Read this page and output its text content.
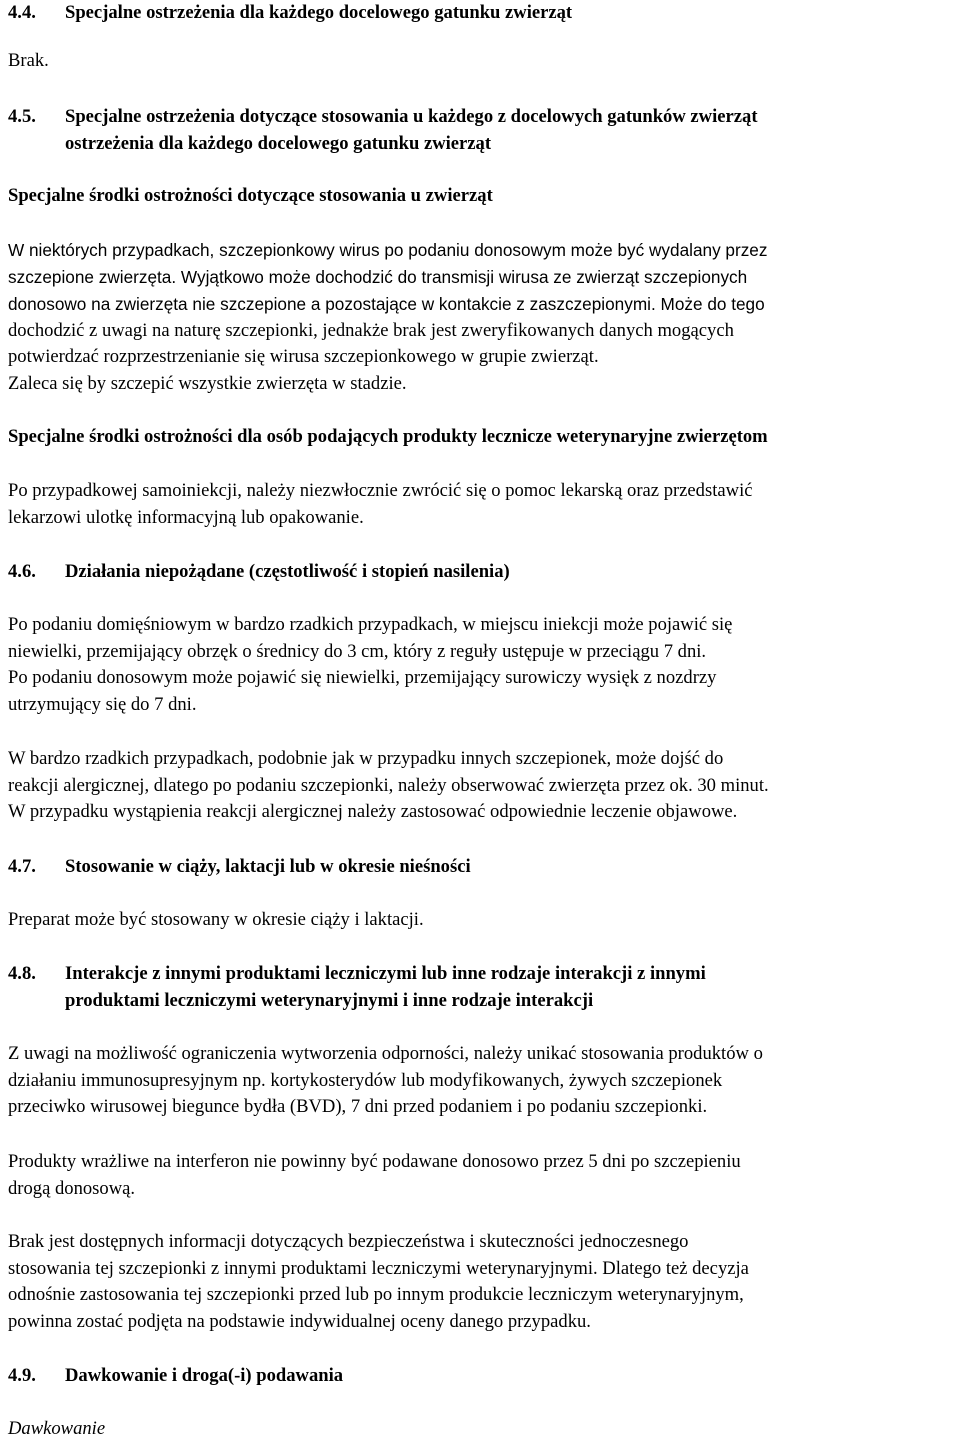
4.4. Specjalne ostrzeżenia dla każdego docelowego gatunku zwierząt

Brak.

4.5. Specjalne ostrzeżenia dotyczące stosowania u każdego z docelowych gatunków zwierząt
ostrzeżenia dla każdego docelowego gatunku zwierząt

Specjalne środki ostrożności dotyczące stosowania u zwierząt

W niektórych przypadkach, szczepionkowy wirus po podaniu donosowym może być wydalany przez
szczepione zwierzęta. Wyjątkowo może dochodzić do transmisji wirusa ze zwierząt szczepionych
donosowo na zwierzęta nie szczepione a pozostające w kontakcie z zaszczepionymi. Może do tego
dochodzić z uwagi na naturę szczepionki, jednakże brak jest zweryfikowanych danych mogących
potwierdzać rozprzestrzenianie się wirusa szczepionkowego w grupie zwierząt.
Zaleca się by szczepić wszystkie zwierzęta w stadzie.

Specjalne środki ostrożności dla osób podających produkty lecznicze weterynaryjne zwierzętom

Po przypadkowej samoiniekcji, należy niezwłocznie zwrócić się o pomoc lekarską oraz przedstawić
lekarzowi ulotkę informacyjną lub opakowanie.
4.6. Działania niepożądane (częstotliwość i stopień nasilenia)
Po podaniu domięśniowym w bardzo rzadkich przypadkach, w miejscu iniekcji może pojawić się
niewielki, przemijający obrzęk o średnicy do 3 cm, który z reguły ustępuje w przeciągu 7 dni.
Po podaniu donosowym może pojawić się niewielki, przemijający surowiczy wysięk z nozdrzy
utrzymujący się do 7 dni.
W bardzo rzadkich przypadkach, podobnie jak w przypadku innych szczepionek, może dojść do
reakcji alergicznej, dlatego po podaniu szczepionki, należy obserwować zwierzęta przez ok. 30 minut.
W przypadku wystąpienia reakcji alergicznej należy zastosować odpowiednie leczenie objawowe.
4.7. Stosowanie w ciąży, laktacji lub w okresie nieśności

Preparat może być stosowany w okresie ciąży i laktacji.

4.8. Interakcje z innymi produktami leczniczymi lub inne rodzaje interakcji z innymi
produktami leczniczymi weterynaryjnymi i inne rodzaje interakcji
Z uwagi na możliwość ograniczenia wytworzenia odporności, należy unikać stosowania produktów o
działaniu immunosupresyjnym np. kortykosterydów lub modyfikowanych, żywych szczepionek
przeciwko wirusowej biegunce bydła (BVD), 7 dni przed podaniem i po podaniu szczepionki.
Produkty wrażliwe na interferon nie powinny być podawane donosowo przez 5 dni po szczepieniu
drogą donosową.
Brak jest dostępnych informacji dotyczących bezpieczeństwa i skuteczności jednoczesnego
stosowania tej szczepionki z innymi produktami leczniczymi weterynaryjnymi. Dlatego też decyzja
odnośnie zastosowania tej szczepionki przed lub po innym produkcie leczniczym weterynaryjnym,
powinna zostać podjęta na podstawie indywidualnej oceny danego przypadku.
4.9. Dawkowanie i droga(-i) podawania

Dawkowanie
